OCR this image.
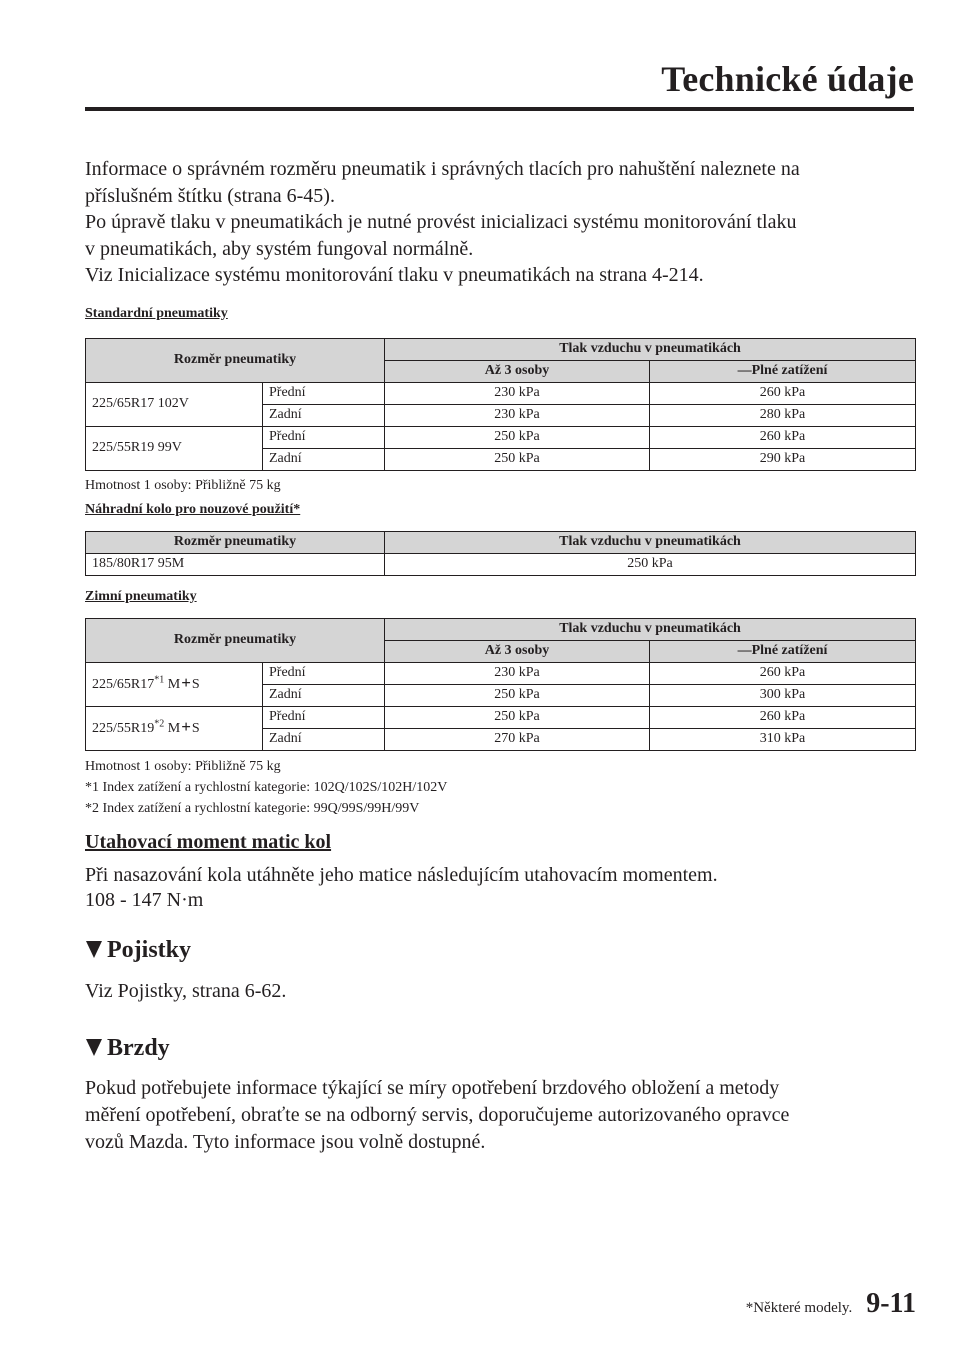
Technické údaje

Informace o správném rozměru pneumatik i správných tlacích pro nahuštění naleznete na

příslušném štítku (strana 6-45).

Po úpravě tlaku v pneumatikách je nutné provést inicializaci systému monitorování tlaku

v pneumatikách, aby systém fungoval normálně.

Viz Inicializace systému monitorování tlaku v pneumatikách na strana 4-214.

Standardní pneumatiky

Rozměr pneumatiky		Tlak vzduchu v pneumatikách	
		Až 3 osoby	—Plné zatížení
225/65R17 102V	Přední	230 kPa	260 kPa
	Zadní	230 kPa	280 kPa
225/55R19 99V	Přední	250 kPa	260 kPa
	Zadní	250 kPa	290 kPa

Hmotnost 1 osoby: Přibližně 75 kg

Náhradní kolo pro nouzové použití*

Rozměr pneumatiky	Tlak vzduchu v pneumatikách
185/80R17 95M	250 kPa

Zimní pneumatiky

Rozměr pneumatiky		Tlak vzduchu v pneumatikách	
		Až 3 osoby	—Plné zatížení
225/65R17$^{*1}$ M+S	Přední	230 kPa	260 kPa
	Zadní	250 kPa	300 kPa
225/55R19$^{*2}$ M+S	Přední	250 kPa	260 kPa
	Zadní	270 kPa	310 kPa

Hmotnost 1 osoby: Přibližně 75 kg

*1 Index zatížení a rychlostní kategorie: 102Q/102S/102H/102V

*2 Index zatížení a rychlostní kategorie: 99Q/99S/99H/99V

Utahovací moment matic kol

Při nasazování kola utáhněte jeho matice následujícím utahovacím momentem.

108 - 147 N·m

Pojistky

Viz Pojistky, strana 6-62.

Brzdy

Pokud potřebujete informace týkající se míry opotřebení brzdového obložení a metody

měření opotřebení, obraťte se na odborný servis, doporučujeme autorizovaného opravce

vozů Mazda. Tyto informace jsou volně dostupné.

*Některé modely. 9-11
